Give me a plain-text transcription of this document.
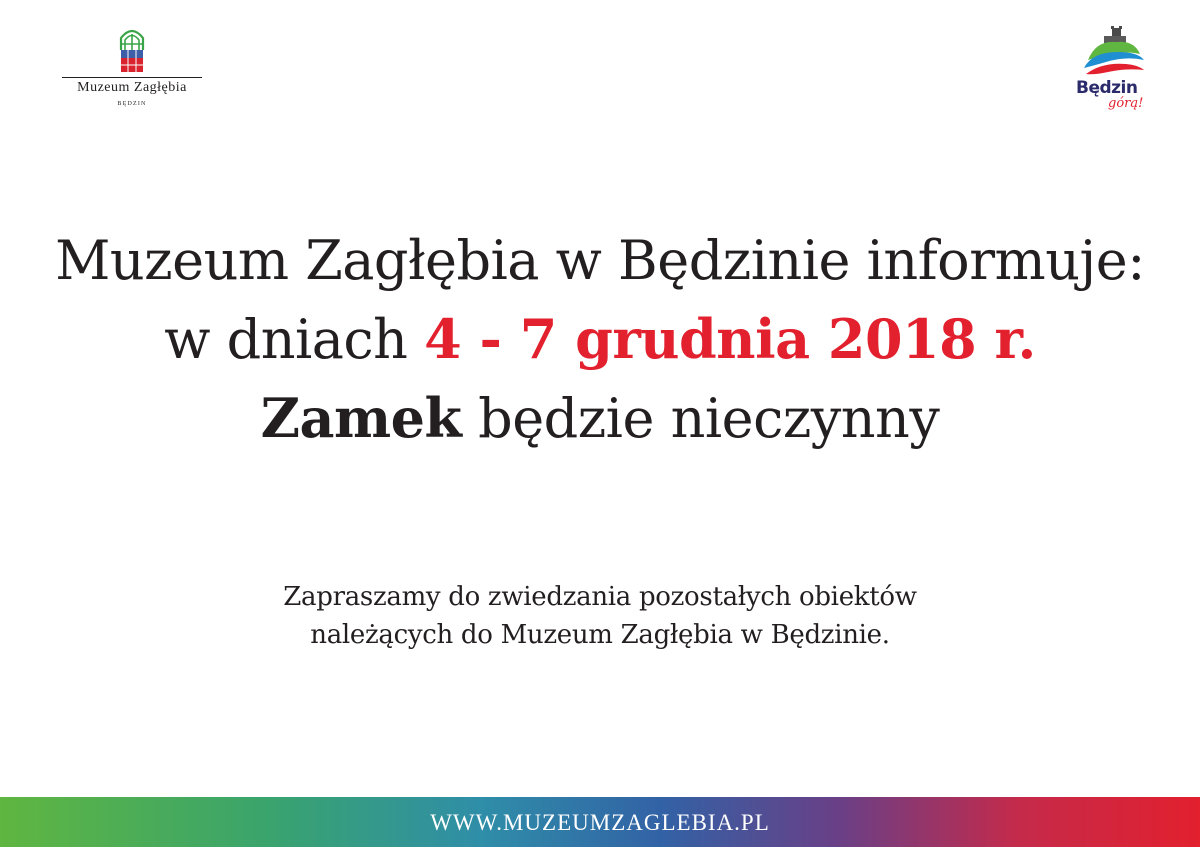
Muzeum Zagłębia
BĘDZIN
Będzin
górą!
Muzeum Zagłębia w Będzinie informuje:
w dniach 4 - 7 grudnia 2018 r.
Zamek będzie nieczynny
Zapraszamy do zwiedzania pozostałych obiektów
należących do Muzeum Zagłębia w Będzinie.
WWW.MUZEUMZAGLEBIA.PL
